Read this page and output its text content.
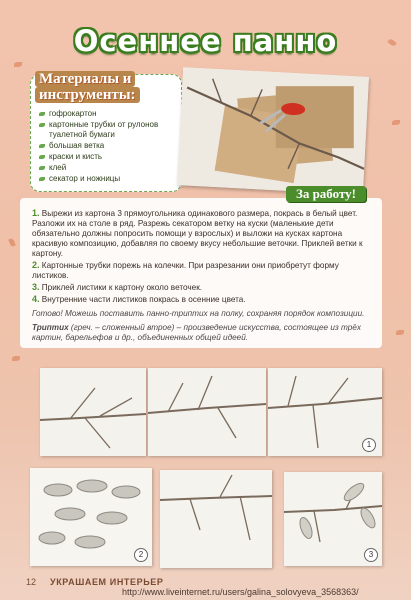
Осеннее панно
Материалы и
инструменты:
гофрокартон
картонные трубки от рулонов туалетной бумаги
большая ветка
краски и кисть
клей
секатор и ножницы
За работу!
1. Вырежи из картона 3 прямоугольника одинакового размера, покрась в белый цвет. Разложи их на столе в ряд. Разрежь секатором ветку на куски (маленькие дети обязательно должны попросить помощи у взрослых) и выложи на кусках картона красивую композицию, добавляя по своему вкусу небольшие веточки. Приклей ветки к картону.
2. Картонные трубки порежь на колечки. При разрезании они приобретут форму листиков.
3. Приклей листики к картону около веточек.
4. Внутренние части листиков покрась в осенние цвета.
Готово! Можешь поставить панно-триптих на полку, сохраняя порядок композиции.
Триптих (греч. – сложенный втрое) – произведение искусства, состоящее из трёх картин, барельефов и др., объединенных общей идеей.
1
2	3
12 УКРАШАЕМ ИНТЕРЬЕР
http://www.liveinternet.ru/users/galina_solovyeva_3568363/
